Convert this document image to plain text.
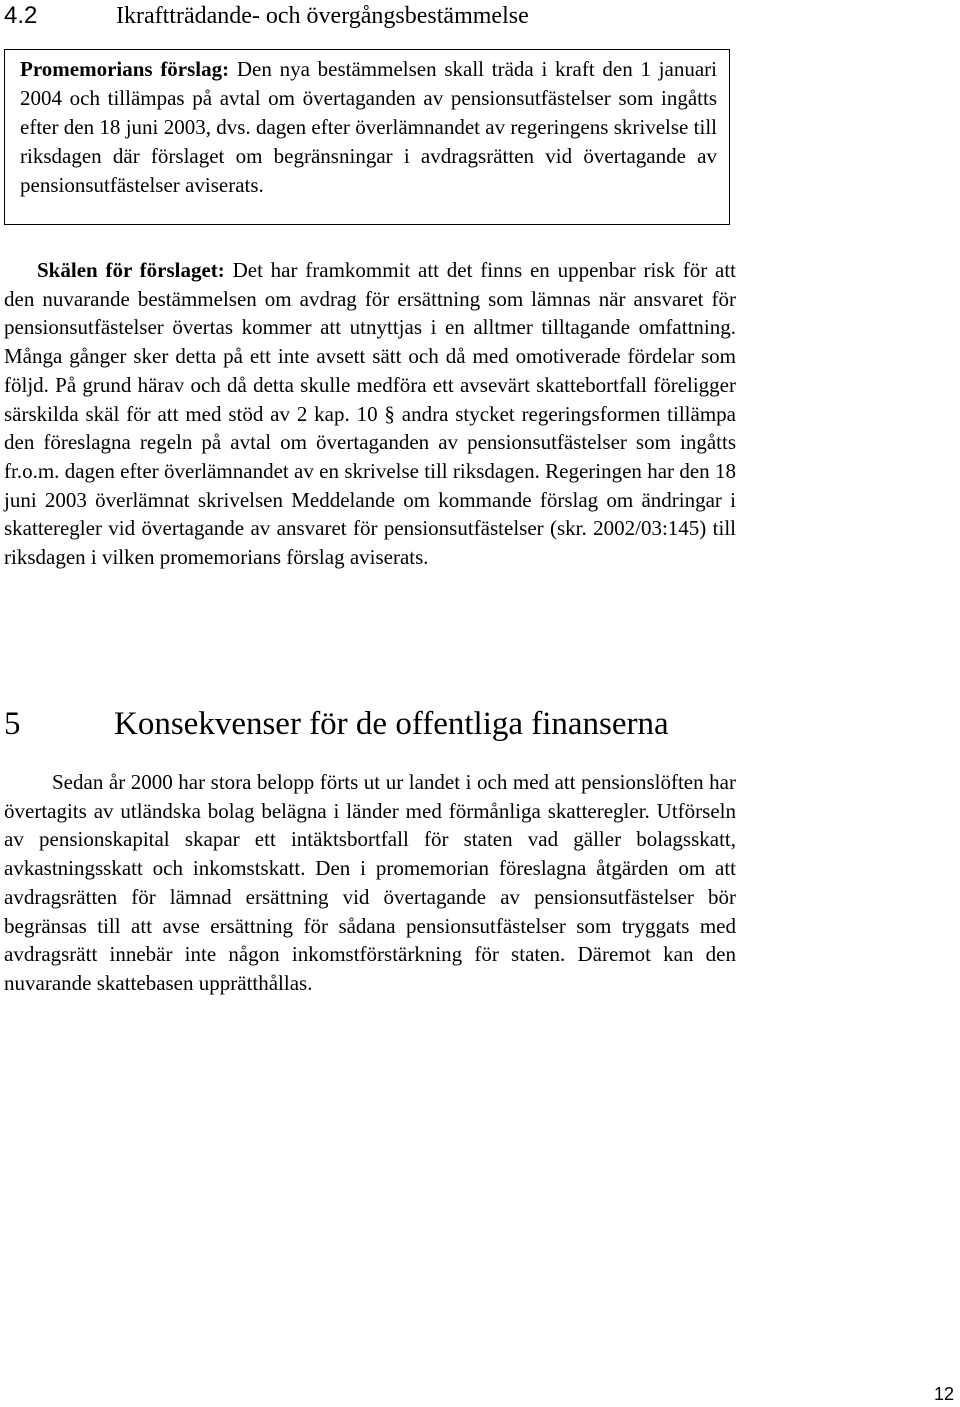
4.2	Ikraftträdande- och övergångsbestämmelse
Promemorians förslag: Den nya bestämmelsen skall träda i kraft den 1 januari 2004 och tillämpas på avtal om övertaganden av pensionsutfästelser som ingåtts efter den 18 juni 2003, dvs. dagen efter överlämnandet av regeringens skrivelse till riksdagen där förslaget om begränsningar i avdragsrätten vid övertagande av pensionsutfästelser aviserats.
Skälen för förslaget: Det har framkommit att det finns en uppenbar risk för att den nuvarande bestämmelsen om avdrag för ersättning som lämnas när ansvaret för pensionsutfästelser övertas kommer att utnyttjas i en alltmer tilltagande omfattning. Många gånger sker detta på ett inte avsett sätt och då med omotiverade fördelar som följd. På grund härav och då detta skulle medföra ett avsevärt skattebortfall föreligger särskilda skäl för att med stöd av 2 kap. 10 § andra stycket regeringsformen tillämpa den föreslagna regeln på avtal om övertaganden av pensionsutfästelser som ingåtts fr.o.m. dagen efter överlämnandet av en skrivelse till riksdagen. Regeringen har den 18 juni 2003 överlämnat skrivelsen Meddelande om kommande förslag om ändringar i skatteregler vid övertagande av ansvaret för pensionsutfästelser (skr. 2002/03:145) till riksdagen i vilken promemorians förslag aviserats.
5	Konsekvenser för de offentliga finanserna
Sedan år 2000 har stora belopp förts ut ur landet i och med att pensionslöften har övertagits av utländska bolag belägna i länder med förmånliga skatteregler. Utförseln av pensionskapital skapar ett intäktsbortfall för staten vad gäller bolagsskatt, avkastningsskatt och inkomstskatt. Den i promemorian föreslagna åtgärden om att avdragsrätten för lämnad ersättning vid övertagande av pensionsutfästelser bör begränsas till att avse ersättning för sådana pensionsutfästelser som tryggats med avdragsrätt innebär inte någon inkomstförstärkning för staten. Däremot kan den nuvarande skattebasen upprätthållas.
12
